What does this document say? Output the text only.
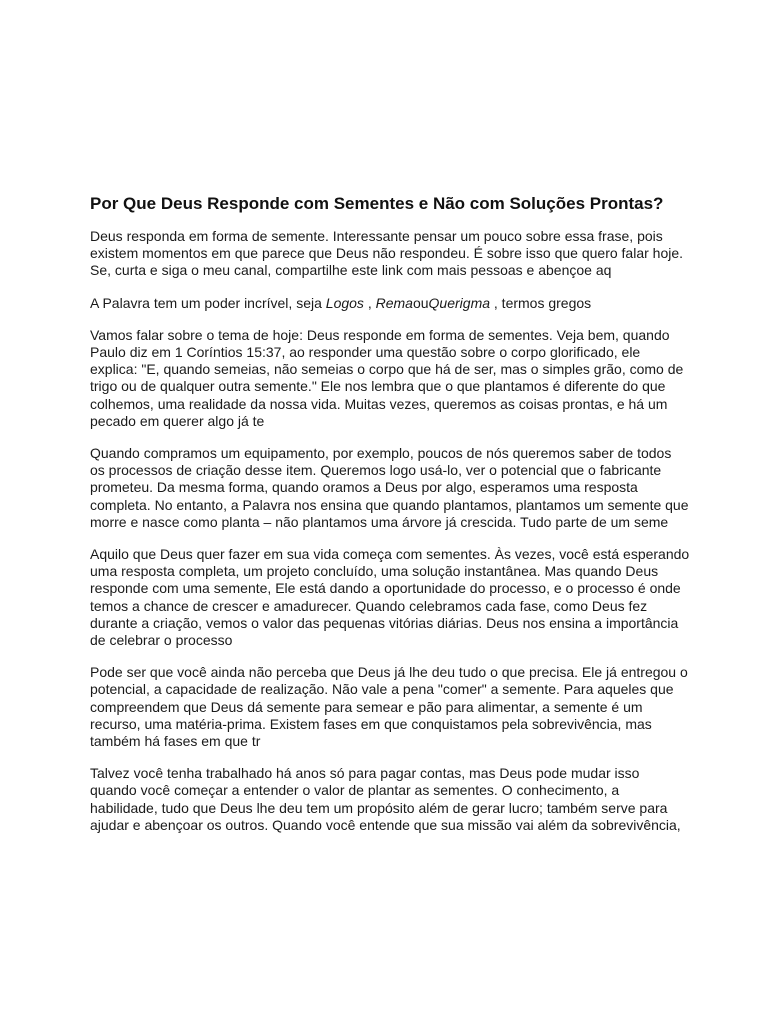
Por Que Deus Responde com Sementes e Não com Soluções Prontas?

Deus responda em forma de semente. Interessante pensar um pouco sobre essa frase, pois existem momentos em que parece que Deus não respondeu. É sobre isso que quero falar hoje. Se, curta e siga o meu canal, compartilhe este link com mais pessoas e abençoe aq

A Palavra tem um poder incrível, seja Logos , RemaouQuerigma , termos gregos

Vamos falar sobre o tema de hoje: Deus responde em forma de sementes. Veja bem, quando Paulo diz em 1 Coríntios 15:37, ao responder uma questão sobre o corpo glorificado, ele explica: "E, quando semeias, não semeias o corpo que há de ser, mas o simples grão, como de trigo ou de qualquer outra semente." Ele nos lembra que o que plantamos é diferente do que colhemos, uma realidade da nossa vida. Muitas vezes, queremos as coisas prontas, e há um pecado em querer algo já te

Quando compramos um equipamento, por exemplo, poucos de nós queremos saber de todos os processos de criação desse item. Queremos logo usá-lo, ver o potencial que o fabricante prometeu. Da mesma forma, quando oramos a Deus por algo, esperamos uma resposta completa. No entanto, a Palavra nos ensina que quando plantamos, plantamos um semente que morre e nasce como planta – não plantamos uma árvore já crescida. Tudo parte de um seme

Aquilo que Deus quer fazer em sua vida começa com sementes. Às vezes, você está esperando uma resposta completa, um projeto concluído, uma solução instantânea. Mas quando Deus responde com uma semente, Ele está dando a oportunidade do processo, e o processo é onde temos a chance de crescer e amadurecer. Quando celebramos cada fase, como Deus fez durante a criação, vemos o valor das pequenas vitórias diárias. Deus nos ensina a importância de celebrar o processo

Pode ser que você ainda não perceba que Deus já lhe deu tudo o que precisa. Ele já entregou o potencial, a capacidade de realização. Não vale a pena "comer" a semente. Para aqueles que compreendem que Deus dá semente para semear e pão para alimentar, a semente é um recurso, uma matéria-prima. Existem fases em que conquistamos pela sobrevivência, mas também há fases em que tr

Talvez você tenha trabalhado há anos só para pagar contas, mas Deus pode mudar isso quando você começar a entender o valor de plantar as sementes. O conhecimento, a habilidade, tudo que Deus lhe deu tem um propósito além de gerar lucro; também serve para ajudar e abençoar os outros. Quando você entende que sua missão vai além da sobrevivência,
